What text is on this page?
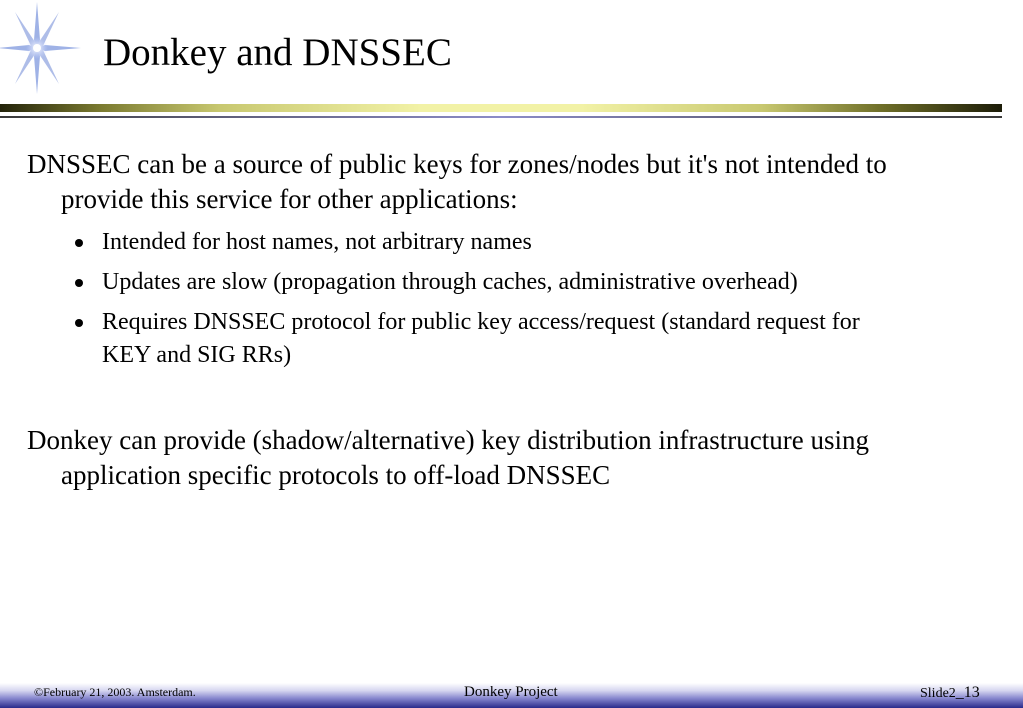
Donkey and DNSSEC
DNSSEC can be a source of public keys for zones/nodes but it's not intended to
provide this service for other applications:
Intended for host names, not arbitrary names
Updates are slow (propagation through caches, administrative overhead)
Requires DNSSEC protocol for public key access/request (standard request for
KEY and SIG RRs)
Donkey can provide (shadow/alternative) key distribution infrastructure using
application specific protocols to off-load DNSSEC
©February 21, 2003. Amsterdam.	Donkey Project	Slide2_13
